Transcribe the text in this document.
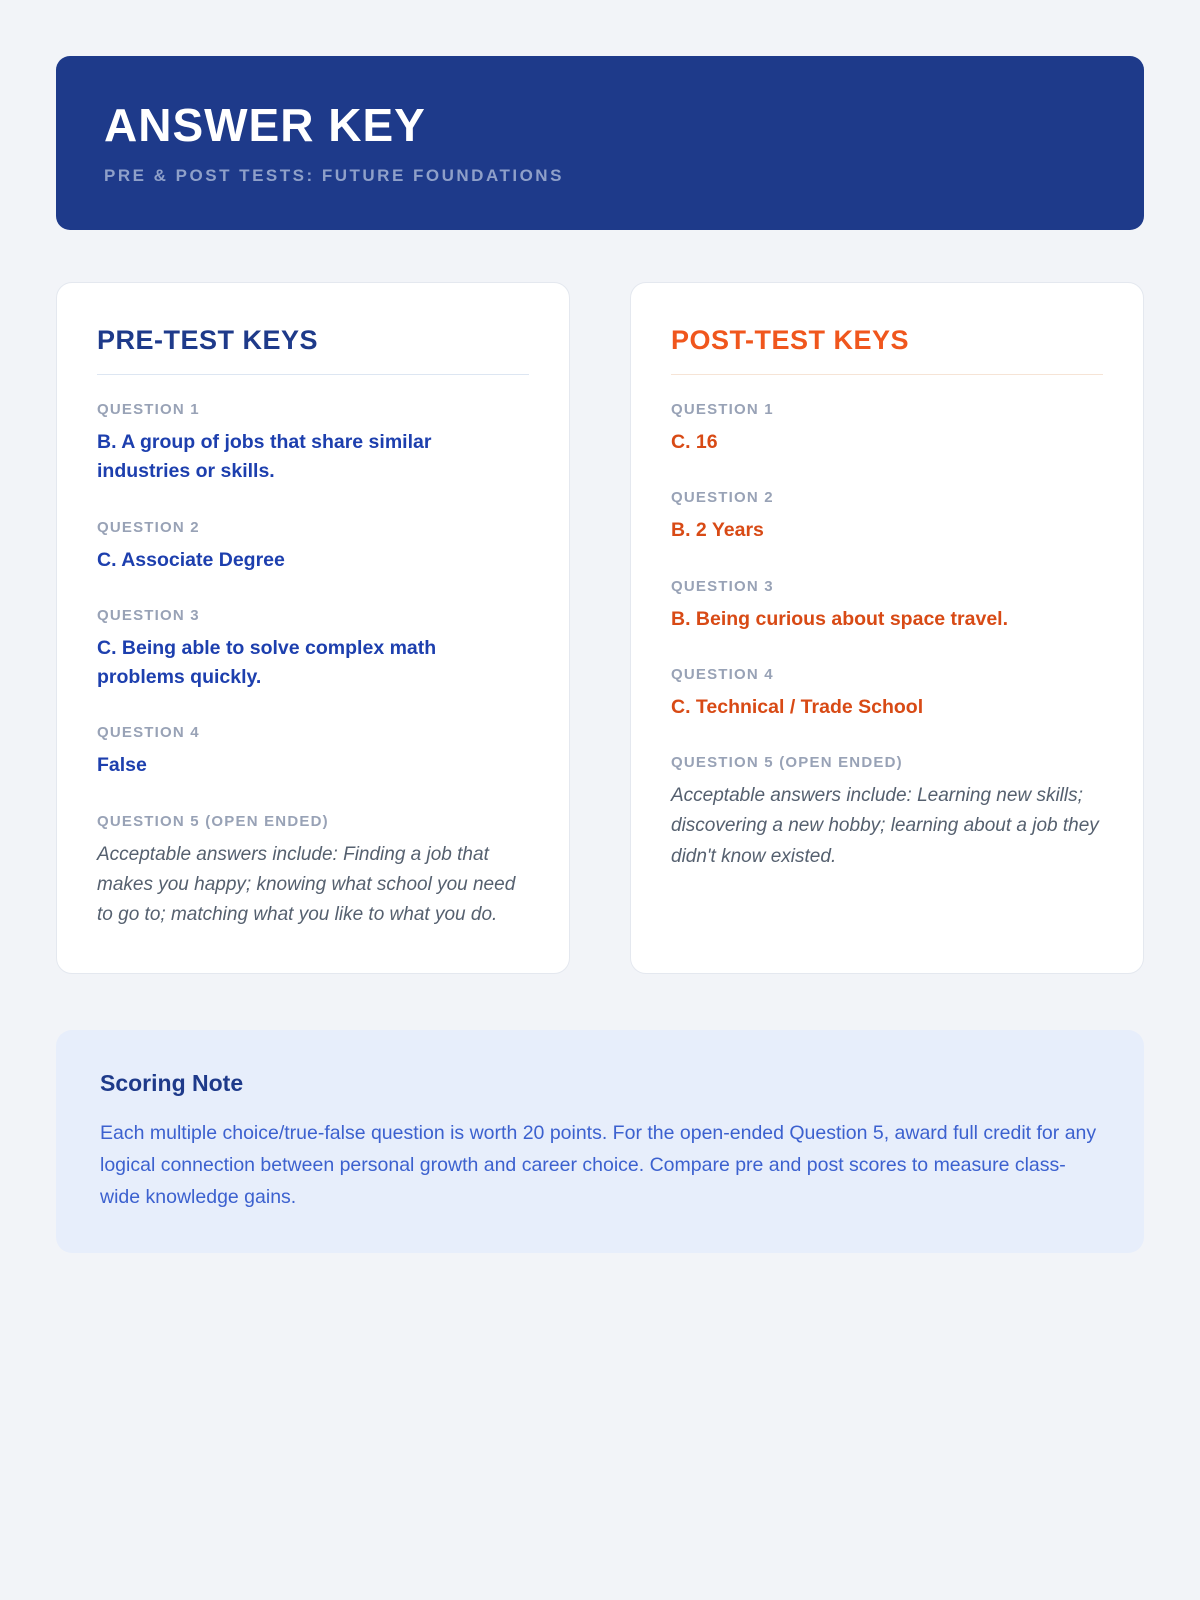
ANSWER KEY
PRE & POST TESTS: FUTURE FOUNDATIONS
PRE-TEST KEYS
QUESTION 1
B. A group of jobs that share similar industries or skills.
QUESTION 2
C. Associate Degree
QUESTION 3
C. Being able to solve complex math problems quickly.
QUESTION 4
False
QUESTION 5 (OPEN ENDED)
Acceptable answers include: Finding a job that makes you happy; knowing what school you need to go to; matching what you like to what you do.
POST-TEST KEYS
QUESTION 1
C. 16
QUESTION 2
B. 2 Years
QUESTION 3
B. Being curious about space travel.
QUESTION 4
C. Technical / Trade School
QUESTION 5 (OPEN ENDED)
Acceptable answers include: Learning new skills; discovering a new hobby; learning about a job they didn't know existed.
Scoring Note

Each multiple choice/true-false question is worth 20 points. For the open-ended Question 5, award full credit for any logical connection between personal growth and career choice. Compare pre and post scores to measure class-wide knowledge gains.
